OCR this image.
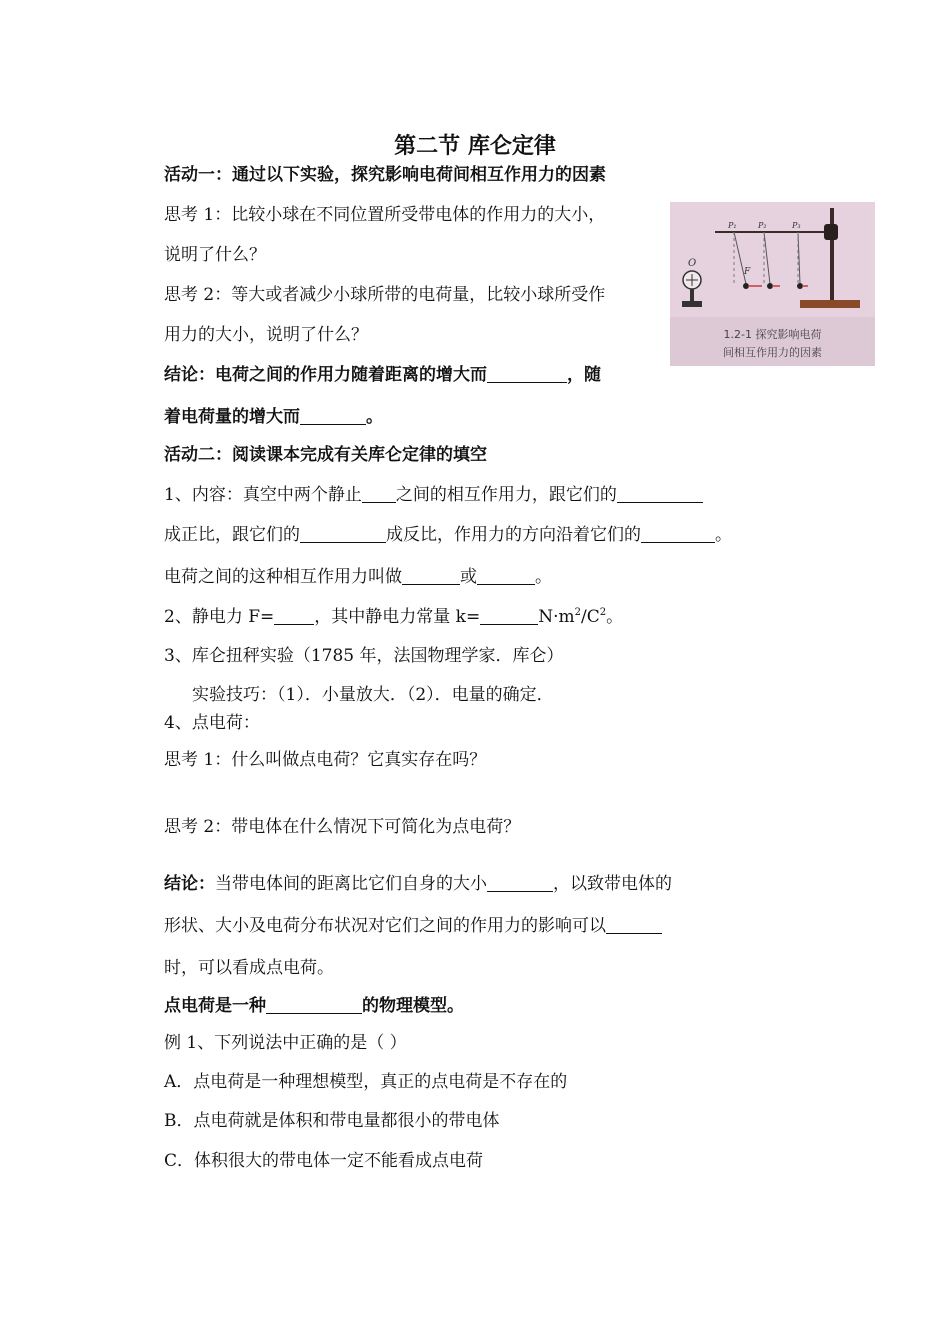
第二节 库仑定律
活动一：通过以下实验，探究影响电荷间相互作用力的因素
思考 1：比较小球在不同位置所受带电体的作用力的大小，
说明了什么？
思考 2：等大或者减少小球所带的电荷量，比较小球所受作
用力的大小，说明了什么？
结论：电荷之间的作用力随着距离的增大而	，随
着电荷量的增大而	。
O
P₁	P₂	P₃
F
1.2-1 探究影响电荷
间相互作用力的因素
活动二：阅读课本完成有关库仑定律的填空
1、内容：真空中两个静止 之间的相互作用力，跟它们的
成正比，跟它们的	成反比，作用力的方向沿着它们的	。
电荷之间的这种相互作用力叫做	或	。
2、静电力 F= ，其中静电力常量 k=	$N\cdot m^2/C^2$。
3、库仑扭秤实验（1785 年，法国物理学家．库仑）
实验技巧：（1）．小量放大．（2）．电量的确定．
4、点电荷：
思考 1：什么叫做点电荷？它真实存在吗？
思考 2：带电体在什么情况下可简化为点电荷？
结论：当带电体间的距离比它们自身的大小	，以致带电体的
形状、大小及电荷分布状况对它们之间的作用力的影响可以
时，可以看成点电荷。
点电荷是一种	的物理模型。
例 1、下列说法中正确的是（ ）
A．点电荷是一种理想模型，真正的点电荷是不存在的
B．点电荷就是体积和带电量都很小的带电体
C．体积很大的带电体一定不能看成点电荷
